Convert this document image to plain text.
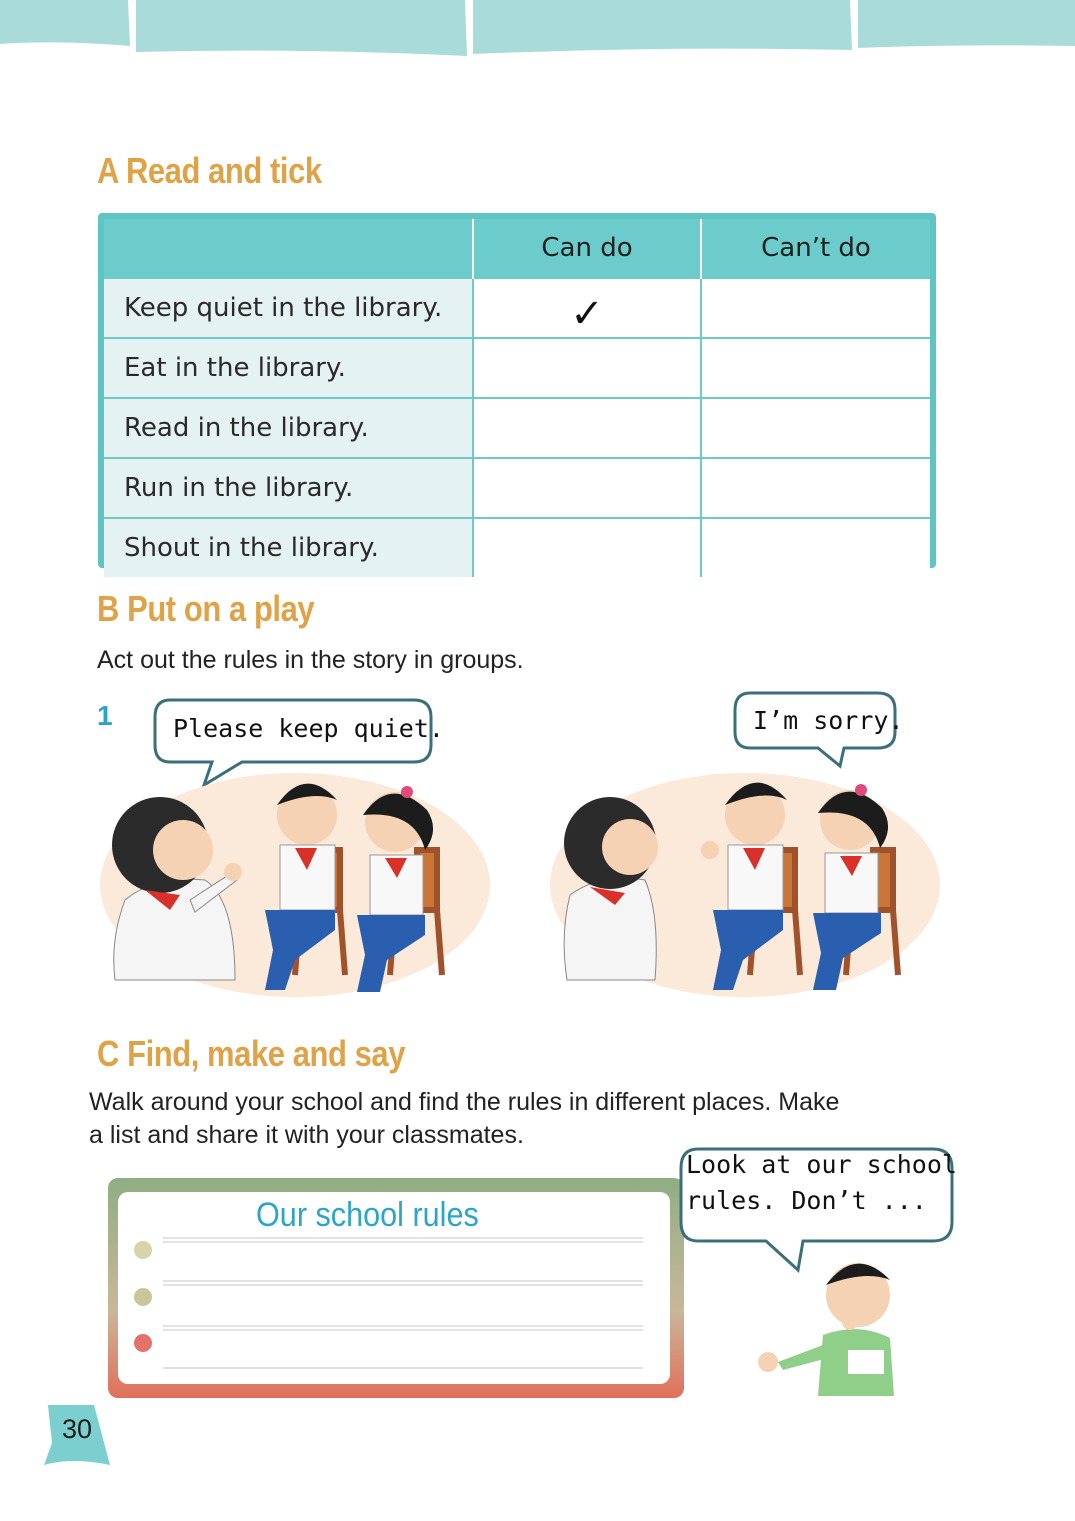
A Read and tick
	Can do	Can’t do
Keep quiet in the library.	✓	
Eat in the library.		
Read in the library.		
Run in the library.		
Shout in the library.		
B Put on a play

Act out the rules in the story in groups.

1 Please keep quiet.	I’m sorry.

C Find, make and say

Walk around your school and find the rules in different places. Make

a list and share it with your classmates.

Our school rules

Look at our school

rules. Don’t ...

30
